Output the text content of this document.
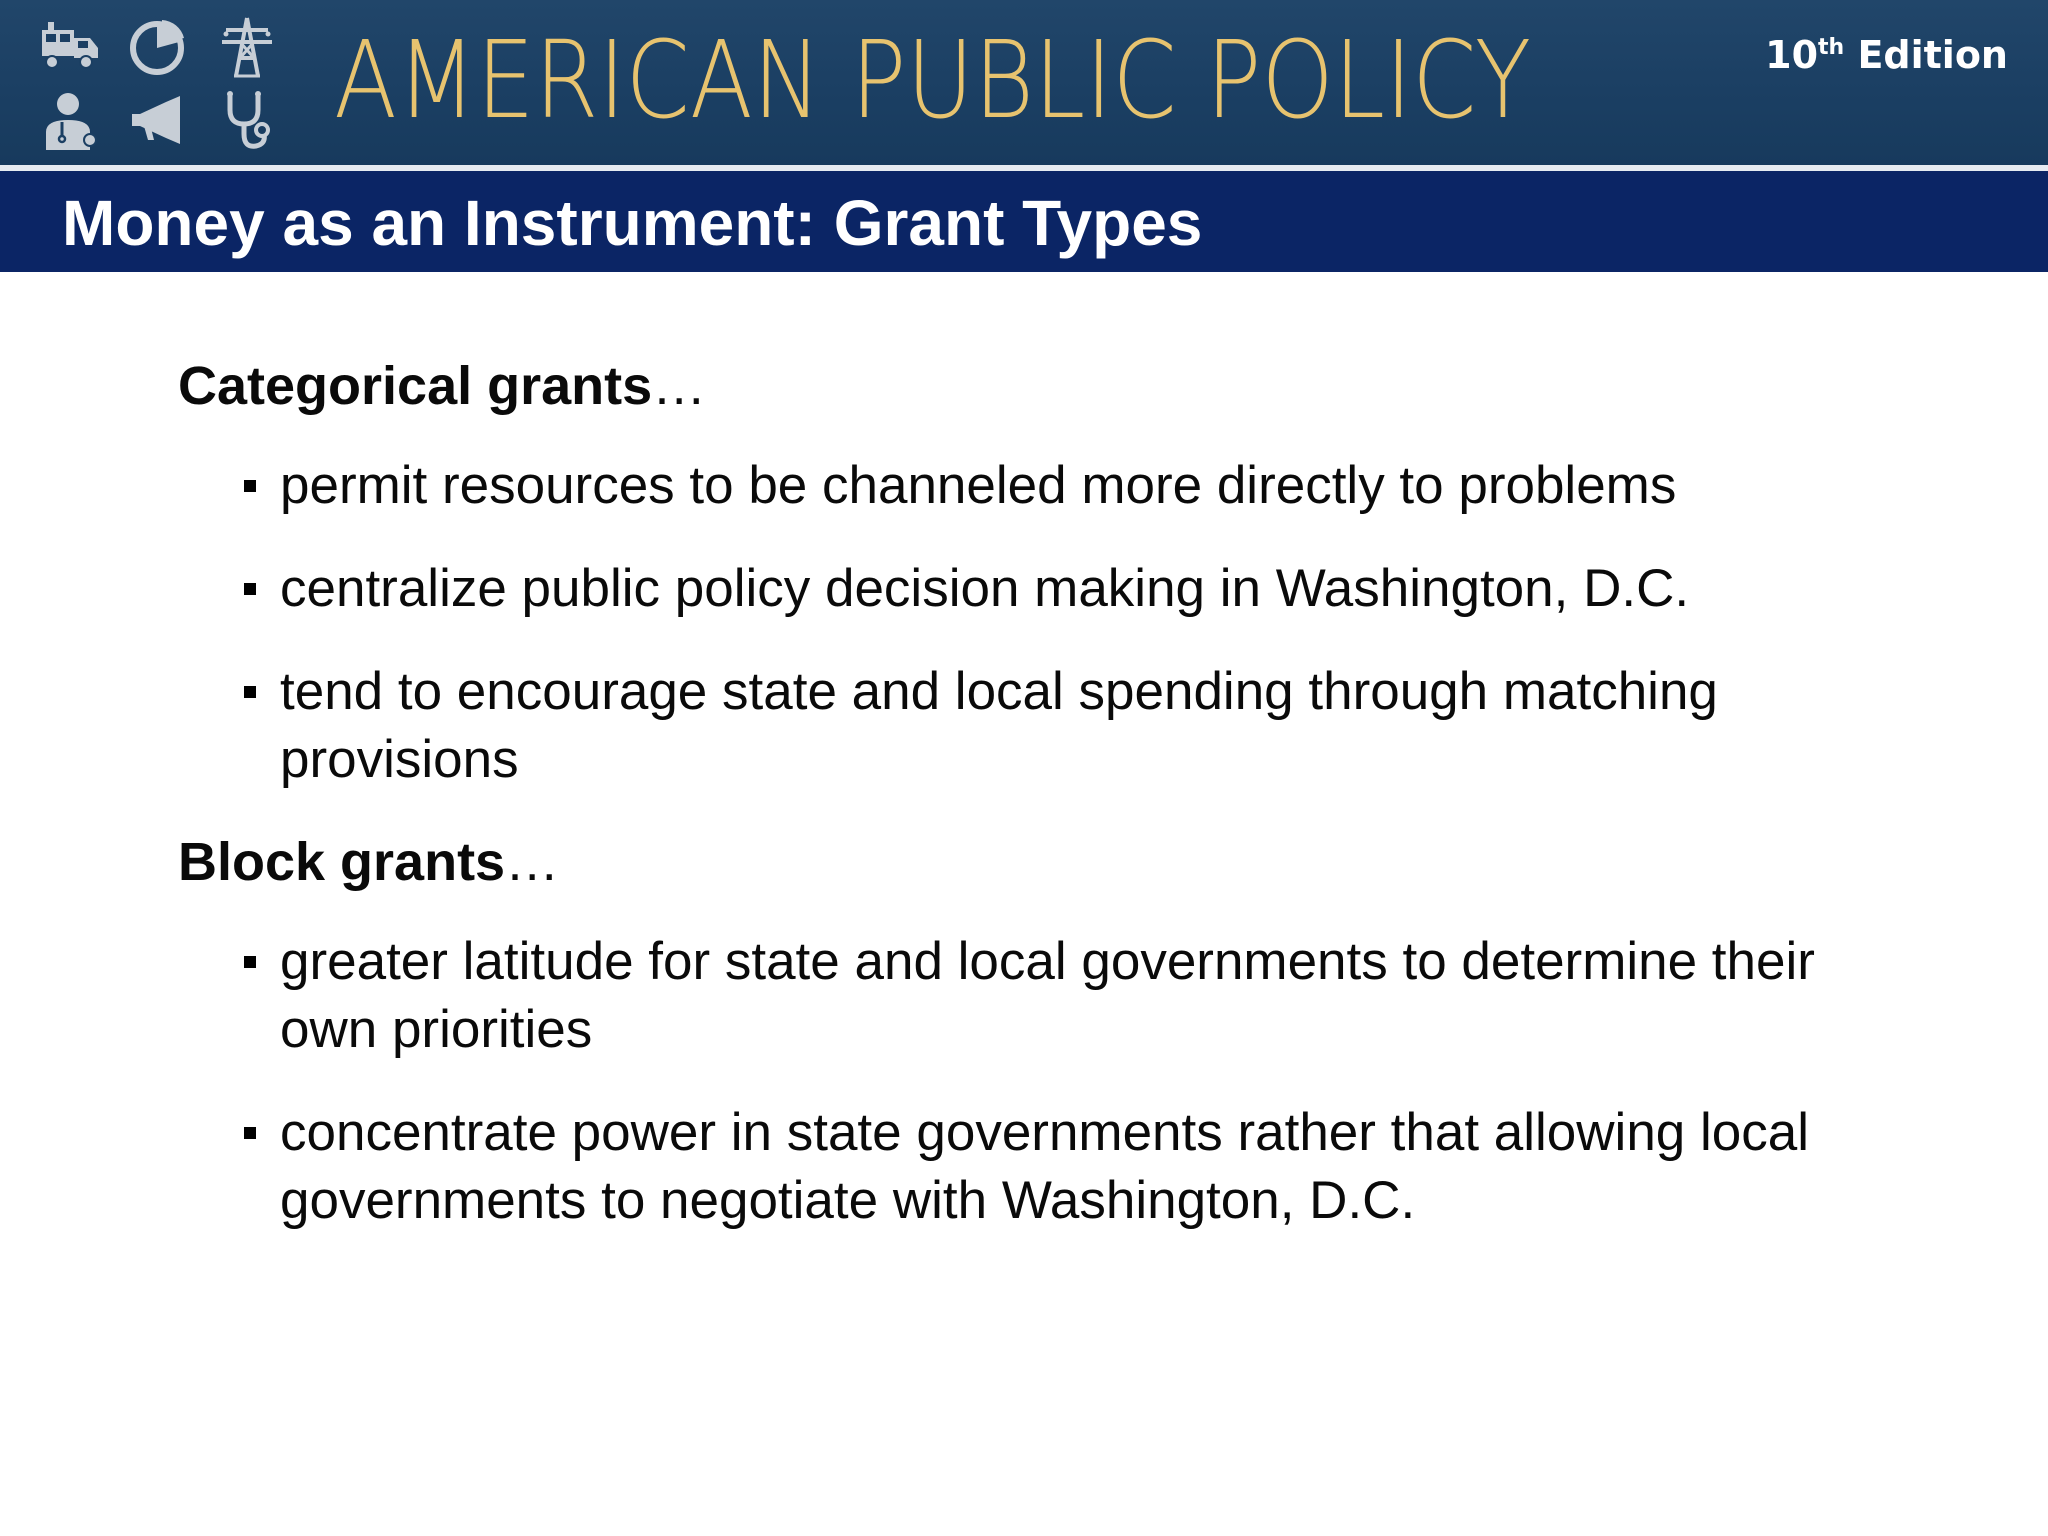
AMERICAN PUBLIC POLICY	10th Edition
Money as an Instrument: Grant Types
Categorical grants…
permit resources to be channeled more directly to problems
centralize public policy decision making in Washington, D.C.
tend to encourage state and local spending through matching provisions
Block grants…
greater latitude for state and local governments to determine their own priorities
concentrate power in state governments rather that allowing local governments to negotiate with Washington, D.C.
